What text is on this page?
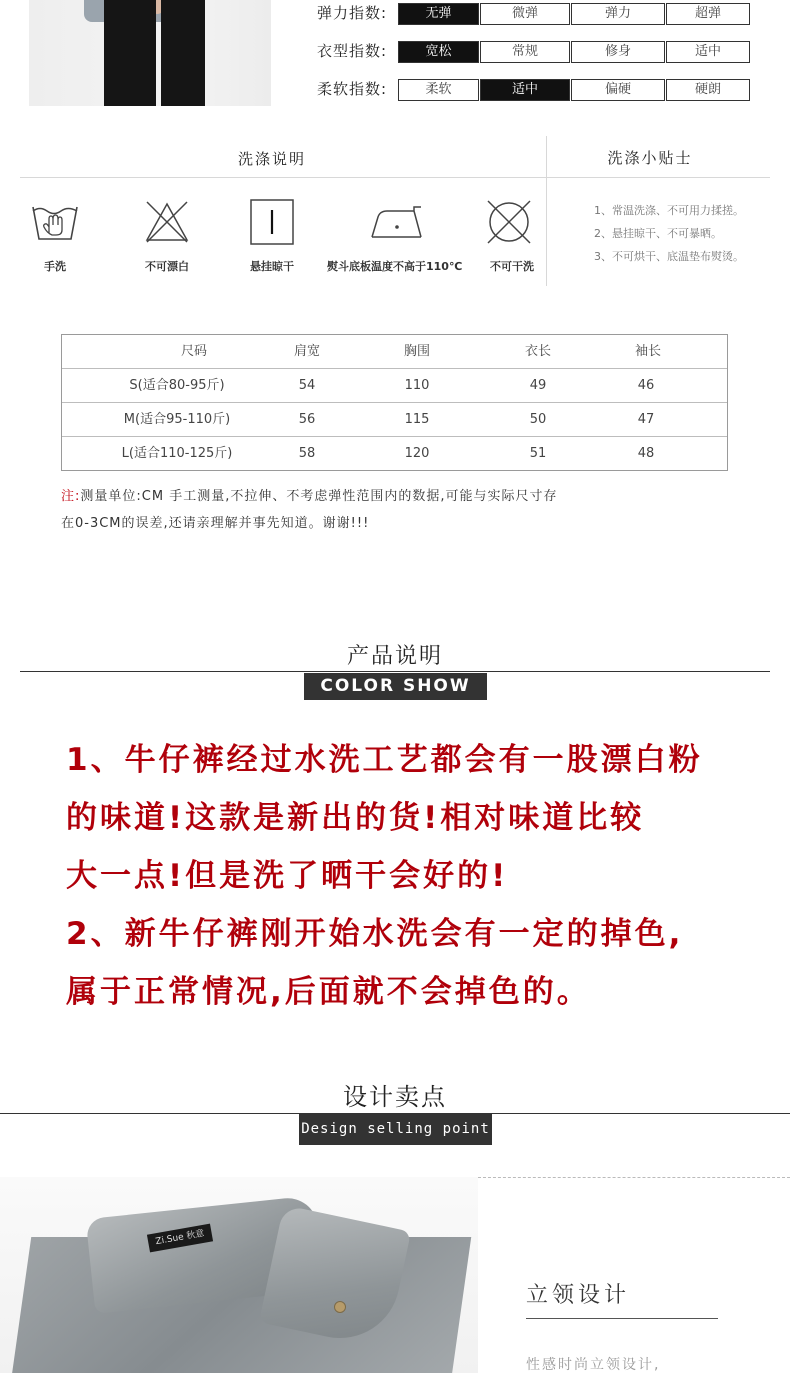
弹力指数:	无弹	微弹	弹力	超弹
衣型指数:	宽松	常规	修身	适中
柔软指数:	柔软	适中	偏硬	硬朗
洗涤说明	洗涤小贴士
手洗	不可漂白	悬挂晾干	熨斗底板温度不高于110℃	不可干洗
1、常温洗涤、不可用力揉搓。
2、悬挂晾干、不可暴晒。
3、不可烘干、底温垫布熨烫。
尺码	肩宽	胸围	衣长	袖长
S(适合80-95斤)	54	110	49	46
M(适合95-110斤)	56	115	50	47
L(适合110-125斤)	58	120	51	48
注:测量单位:CM 手工测量,不拉伸、不考虑弹性范围内的数据,可能与实际尺寸存
在0-3CM的误差,还请亲理解并事先知道。谢谢!!!
产品说明
COLOR SHOW
1、牛仔裤经过水洗工艺都会有一股漂白粉
的味道!这款是新出的货!相对味道比较
大一点!但是洗了晒干会好的!
2、新牛仔裤刚开始水洗会有一定的掉色,
属于正常情况,后面就不会掉色的。
设计卖点
Design selling point
Zi.Sue 秋意
立领设计
性感时尚立领设计,
